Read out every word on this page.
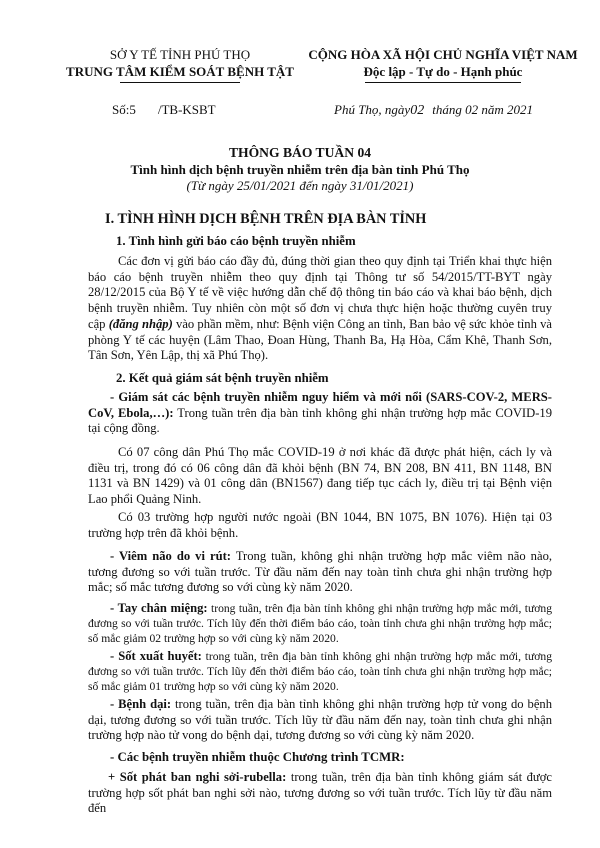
SỞ Y TẾ TỈNH PHÚ THỌ
TRUNG TÂM KIỂM SOÁT BỆNH TẬT
CỘNG HÒA XÃ HỘI CHỦ NGHĨA VIỆT NAM
Độc lập - Tự do - Hạnh phúc
Số:5 /TB-KSBT	Phú Thọ, ngày02 tháng 02 năm 2021
THÔNG BÁO TUẦN 04
Tình hình dịch bệnh truyền nhiễm trên địa bàn tỉnh Phú Thọ
(Từ ngày 25/01/2021 đến ngày 31/01/2021)
I. TÌNH HÌNH DỊCH BỆNH TRÊN ĐỊA BÀN TỈNH
1. Tình hình gửi báo cáo bệnh truyền nhiễm
Các đơn vị gửi báo cáo đầy đủ, đúng thời gian theo quy định tại Triển khai thực hiện báo cáo bệnh truyền nhiễm theo quy định tại Thông tư số 54/2015/TT-BYT ngày 28/12/2015 của Bộ Y tế về việc hướng dẫn chế độ thông tin báo cáo và khai báo bệnh, dịch bệnh truyền nhiễm. Tuy nhiên còn một số đơn vị chưa thực hiện hoặc thường cuyên truy cập (đăng nhập) vào phần mềm, như: Bệnh viện Công an tỉnh, Ban bảo vệ sức khỏe tỉnh và phòng Y tế các huyện (Lâm Thao, Đoan Hùng, Thanh Ba, Hạ Hòa, Cẩm Khê, Thanh Sơn, Tân Sơn, Yên Lập, thị xã Phú Thọ).
2. Kết quả giám sát bệnh truyền nhiễm
- Giám sát các bệnh truyền nhiễm nguy hiểm và mới nổi (SARS-COV-2, MERS-CoV, Ebola,…): Trong tuần trên địa bàn tỉnh không ghi nhận trường hợp mắc COVID-19 tại cộng đồng.
Có 07 công dân Phú Thọ mắc COVID-19 ở nơi khác đã được phát hiện, cách ly và điều trị, trong đó có 06 công dân đã khỏi bệnh (BN 74, BN 208, BN 411, BN 1148, BN 1131 và BN 1429) và 01 công dân (BN1567) đang tiếp tục cách ly, điều trị tại Bệnh viện Lao phổi Quảng Ninh.
Có 03 trường hợp người nước ngoài (BN 1044, BN 1075, BN 1076). Hiện tại 03 trường hợp trên đã khỏi bệnh.
- Viêm não do vi rút: Trong tuần, không ghi nhận trường hợp mắc viêm não nào, tương đương so với tuần trước. Từ đầu năm đến nay toàn tỉnh chưa ghi nhận trường hợp mắc; số mắc tương đương so với cùng kỳ năm 2020.
- Tay chân miệng: trong tuần, trên địa bàn tỉnh không ghi nhận trường hợp mắc mới, tương đương so với tuần trước. Tích lũy đến thời điểm báo cáo, toàn tỉnh chưa ghi nhận trường hợp mắc; số mắc giảm 02 trường hợp so với cùng kỳ năm 2020.
- Sốt xuất huyết: trong tuần, trên địa bàn tỉnh không ghi nhận trường hợp mắc mới, tương đương so với tuần trước. Tích lũy đến thời điểm báo cáo, toàn tỉnh chưa ghi nhận trường hợp mắc; số mắc giảm 01 trường hợp so với cùng kỳ năm 2020.
- Bệnh dại: trong tuần, trên địa bàn tỉnh không ghi nhận trường hợp tử vong do bệnh dại, tương đương so với tuần trước. Tích lũy từ đầu năm đến nay, toàn tỉnh chưa ghi nhận trường hợp nào tử vong do bệnh dại, tương đương so với cùng kỳ năm 2020.
- Các bệnh truyền nhiễm thuộc Chương trình TCMR:
+ Sốt phát ban nghi sởi-rubella: trong tuần, trên địa bàn tỉnh không giám sát được trường hợp sốt phát ban nghi sởi nào, tương đương so với tuần trước. Tích lũy từ đầu năm đến
